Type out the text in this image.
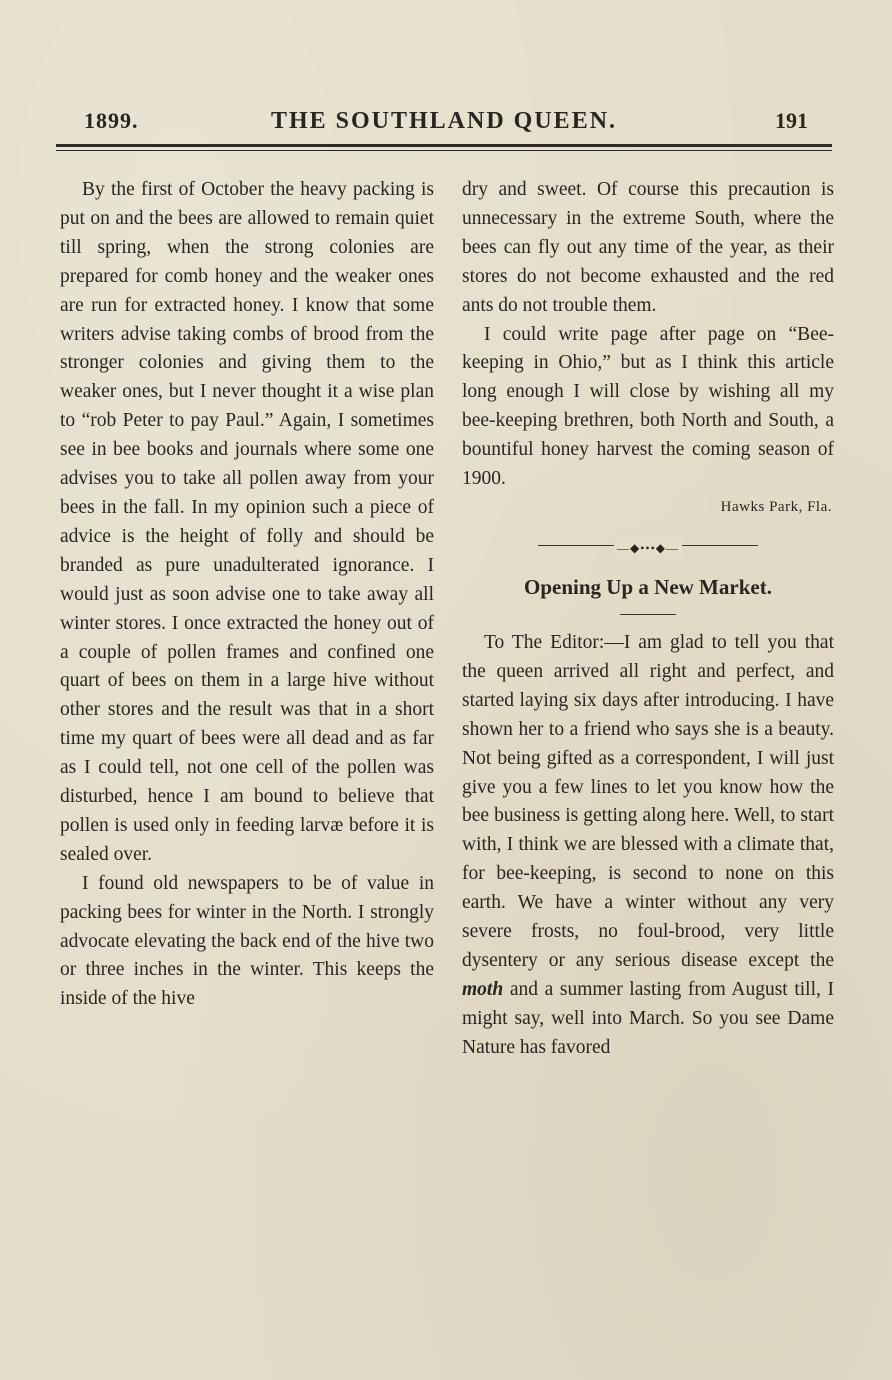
1899.	THE SOUTHLAND QUEEN.	191

By the first of October the heavy packing is put on and the bees are allowed to remain quiet till spring, when the strong colonies are prepared for comb honey and the weaker ones are run for extracted honey. I know that some writers advise taking combs of brood from the stronger colonies and giving them to the weaker ones, but I never thought it a wise plan to “rob Peter to pay Paul.” Again, I sometimes see in bee books and journals where some one advises you to take all pollen away from your bees in the fall. In my opinion such a piece of advice is the height of folly and should be branded as pure unadulterated ignorance. I would just as soon advise one to take away all winter stores. I once extracted the honey out of a couple of pollen frames and confined one quart of bees on them in a large hive without other stores and the result was that in a short time my quart of bees were all dead and as far as I could tell, not one cell of the pollen was disturbed, hence I am bound to believe that pollen is used only in feeding larvæ before it is sealed over.

I found old newspapers to be of value in packing bees for winter in the North. I strongly advocate elevating the back end of the hive two or three inches in the winter. This keeps the inside of the hive

dry and sweet. Of course this precaution is unnecessary in the extreme South, where the bees can fly out any time of the year, as their stores do not become exhausted and the red ants do not trouble them.

I could write page after page on “Bee-keeping in Ohio,” but as I think this article long enough I will close by wishing all my bee-keeping brethren, both North and South, a bountiful honey harvest the coming season of 1900.

Hawks Park, Fla.
—◆•••◆—
Opening Up a New Market.

To The Editor:—I am glad to tell you that the queen arrived all right and perfect, and started laying six days after introducing. I have shown her to a friend who says she is a beauty. Not being gifted as a correspondent, I will just give you a few lines to let you know how the bee business is getting along here. Well, to start with, I think we are blessed with a climate that, for bee-keeping, is second to none on this earth. We have a winter without any very severe frosts, no foul-brood, very little dysentery or any serious disease except the moth and a summer lasting from August till, I might say, well into March. So you see Dame Nature has favored
